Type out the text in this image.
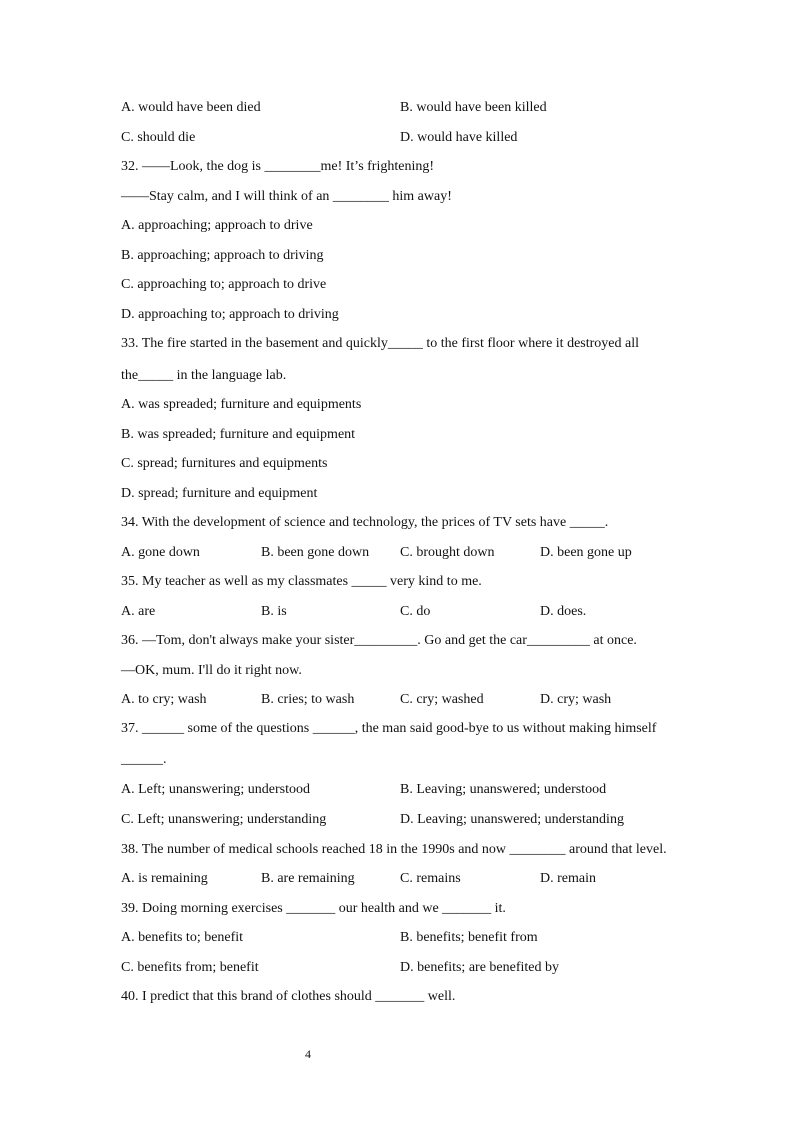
A. would have been died	B. would have been killed
C. should die	D. would have killed
32. ——Look, the dog is ________me! It’s frightening!
——Stay calm, and I will think of an ________ him away!
A. approaching; approach to drive
B. approaching; approach to driving
C. approaching to; approach to drive
D. approaching to; approach to driving
33. The fire started in the basement and quickly_____ to the first floor where it destroyed all
the_____ in the language lab.
A. was spreaded; furniture and equipments
B. was spreaded; furniture and equipment
C. spread; furnitures and equipments
D. spread; furniture and equipment
34. With the development of science and technology, the prices of TV sets have _____.
A. gone down	B. been gone down C. brought down	D. been gone up
35. My teacher as well as my classmates _____ very kind to me.
A. are	B. is	C. do	D. does.
36. —Tom, don't always make your sister_________. Go and get the car_________ at once.
—OK, mum. I'll do it right now.
A. to cry; wash	B. cries; to wash	C. cry; washed	D. cry; wash
37. ______ some of the questions ______, the man said good-bye to us without making himself
______.
A. Left; unanswering; understood	B. Leaving; unanswered; understood
C. Left; unanswering; understanding	D. Leaving; unanswered; understanding
38. The number of medical schools reached 18 in the 1990s and now ________ around that level.
A. is remaining	B. are remaining	C. remains	D. remain
39. Doing morning exercises _______ our health and we _______ it.
A. benefits to; benefit	B. benefits; benefit from
C. benefits from; benefit	D. benefits; are benefited by
40. I predict that this brand of clothes should _______ well.
4
